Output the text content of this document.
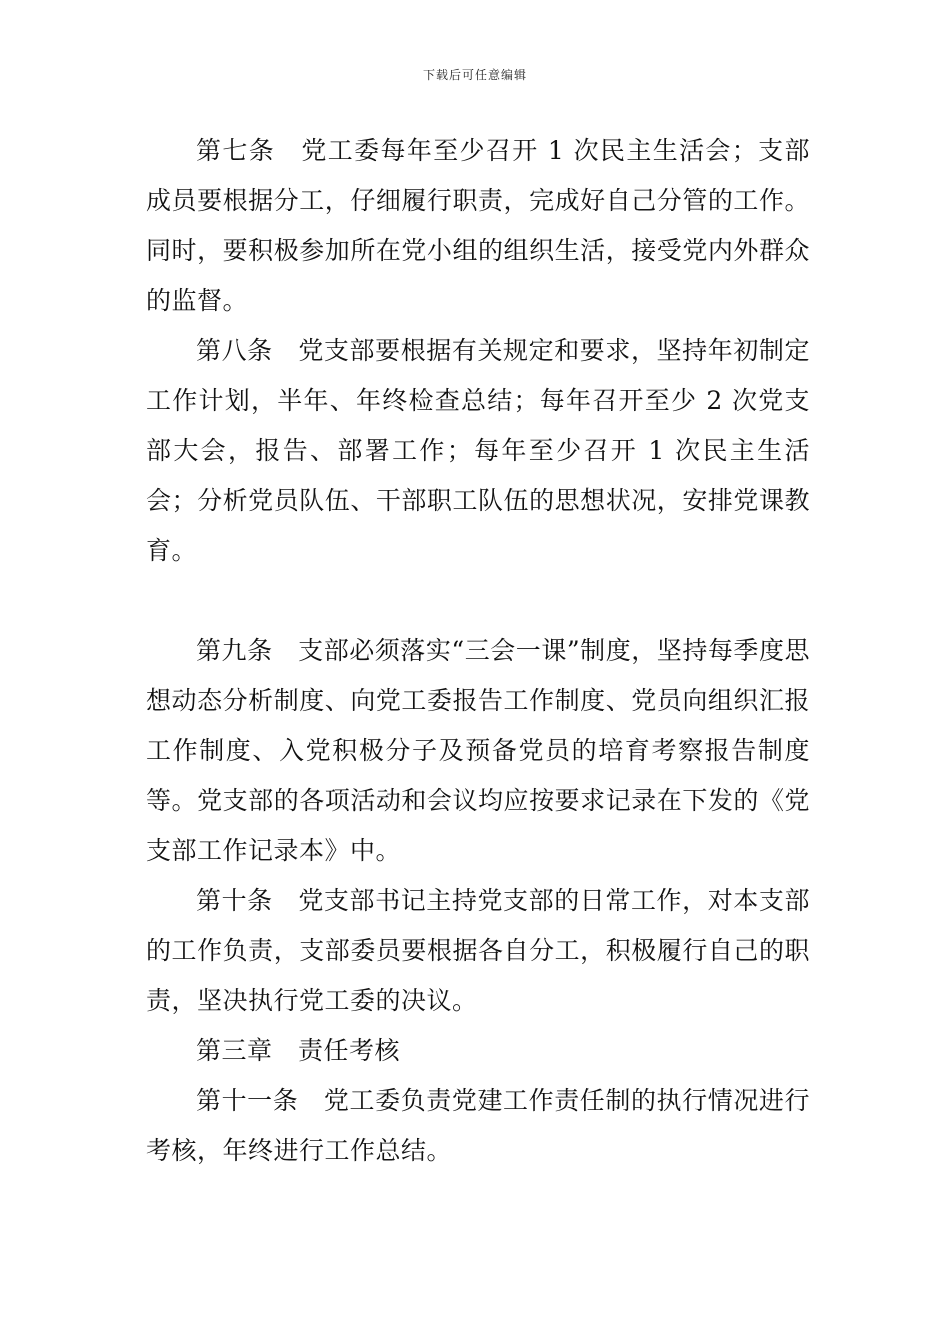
下载后可任意编辑

第七条　党工委每年至少召开 1 次民主生活会；支部成员要根据分工，仔细履行职责，完成好自己分管的工作。同时，要积极参加所在党小组的组织生活，接受党内外群众的监督。

第八条　党支部要根据有关规定和要求，坚持年初制定工作计划，半年、年终检查总结；每年召开至少 2 次党支部大会，报告、部署工作；每年至少召开 1 次民主生活会；分析党员队伍、干部职工队伍的思想状况，安排党课教育。

第九条　支部必须落实“三会一课”制度，坚持每季度思想动态分析制度、向党工委报告工作制度、党员向组织汇报工作制度、入党积极分子及预备党员的培育考察报告制度等。党支部的各项活动和会议均应按要求记录在下发的《党支部工作记录本》中。

第十条　党支部书记主持党支部的日常工作，对本支部的工作负责，支部委员要根据各自分工，积极履行自己的职责，坚决执行党工委的决议。

第三章　责任考核

第十一条　党工委负责党建工作责任制的执行情况进行考核，年终进行工作总结。
